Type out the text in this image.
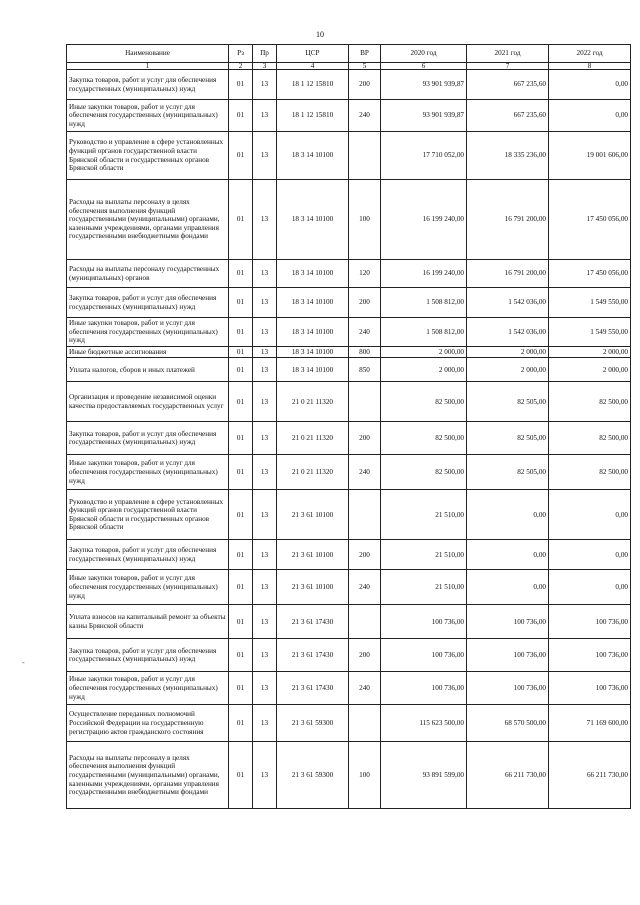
10
-
Наименование	Рз	Пр	ЦСР	ВР	2020 год	2021 год	2022 год
1	2	3	4	5	6	7	8
Закупка товаров, работ и услуг для обеспечения государственных (муниципальных) нужд	01	13	18 1 12 15810	200	93 901 939,87	667 235,60	0,00
Иные закупки товаров, работ и услуг для обеспечения государственных (муниципальных) нужд	01	13	18 1 12 15810	240	93 901 939,87	667 235,60	0,00
Руководство и управление в сфере установленных функций органов государственной власти Брянской области и государственных органов Брянской области	01	13	18 3 14 10100		17 710 052,00	18 335 236,00	19 001 606,00
Расходы на выплаты персоналу в целях обеспечения выполнения функций государственными (муниципальными) органами, казенными учреждениями, органами управления государственными внебюджетными фондами	01	13	18 3 14 10100	100	16 199 240,00	16 791 200,00	17 450 056,00
Расходы на выплаты персоналу государственных (муниципальных) органов	01	13	18 3 14 10100	120	16 199 240,00	16 791 200,00	17 450 056,00
Закупка товаров, работ и услуг для обеспечения государственных (муниципальных) нужд	01	13	18 3 14 10100	200	1 508 812,00	1 542 036,00	1 549 550,00
Иные закупки товаров, работ и услуг для обеспечения государственных (муниципальных) нужд	01	13	18 3 14 10100	240	1 508 812,00	1 542 036,00	1 549 550,00
Иные бюджетные ассигнования	01	13	18 3 14 10100	800	2 000,00	2 000,00	2 000,00
Уплата налогов, сборов и иных платежей	01	13	18 3 14 10100	850	2 000,00	2 000,00	2 000,00
Организация и проведение независимой оценки качества предоставляемых государственных услуг	01	13	21 0 21 11320		82 500,00	82 505,00	82 500,00
Закупка товаров, работ и услуг для обеспечения государственных (муниципальных) нужд	01	13	21 0 21 11320	200	82 500,00	82 505,00	82 500,00
Иные закупки товаров, работ и услуг для обеспечения государственных (муниципальных) нужд	01	13	21 0 21 11320	240	82 500,00	82 505,00	82 500,00
Руководство и управление в сфере установленных функций органов государственной власти Брянской области и государственных органов Брянской области	01	13	21 3 61 10100		21 510,00	0,00	0,00
Закупка товаров, работ и услуг для обеспечения государственных (муниципальных) нужд	01	13	21 3 61 10100	200	21 510,00	0,00	0,00
Иные закупки товаров, работ и услуг для обеспечения государственных (муниципальных) нужд	01	13	21 3 61 10100	240	21 510,00	0,00	0,00
Уплата взносов на капитальный ремонт за объекты казны Брянской области	01	13	21 3 61 17430		100 736,00	100 736,00	100 736,00
Закупка товаров, работ и услуг для обеспечения государственных (муниципальных) нужд	01	13	21 3 61 17430	200	100 736,00	100 736,00	100 736,00
Иные закупки товаров, работ и услуг для обеспечения государственных (муниципальных) нужд	01	13	21 3 61 17430	240	100 736,00	100 736,00	100 736,00
Осуществление переданных полномочий Российской Федерации на государственную регистрацию актов гражданского состояния	01	13	21 3 61 59300		115 623 500,00	68 570 500,00	71 169 600,00
Расходы на выплаты персоналу в целях обеспечения выполнения функций государственными (муниципальными) органами, казенными учреждениями, органами управления государственными внебюджетными фондами	01	13	21 3 61 59300	100	93 891 599,00	66 211 730,00	66 211 730,00
